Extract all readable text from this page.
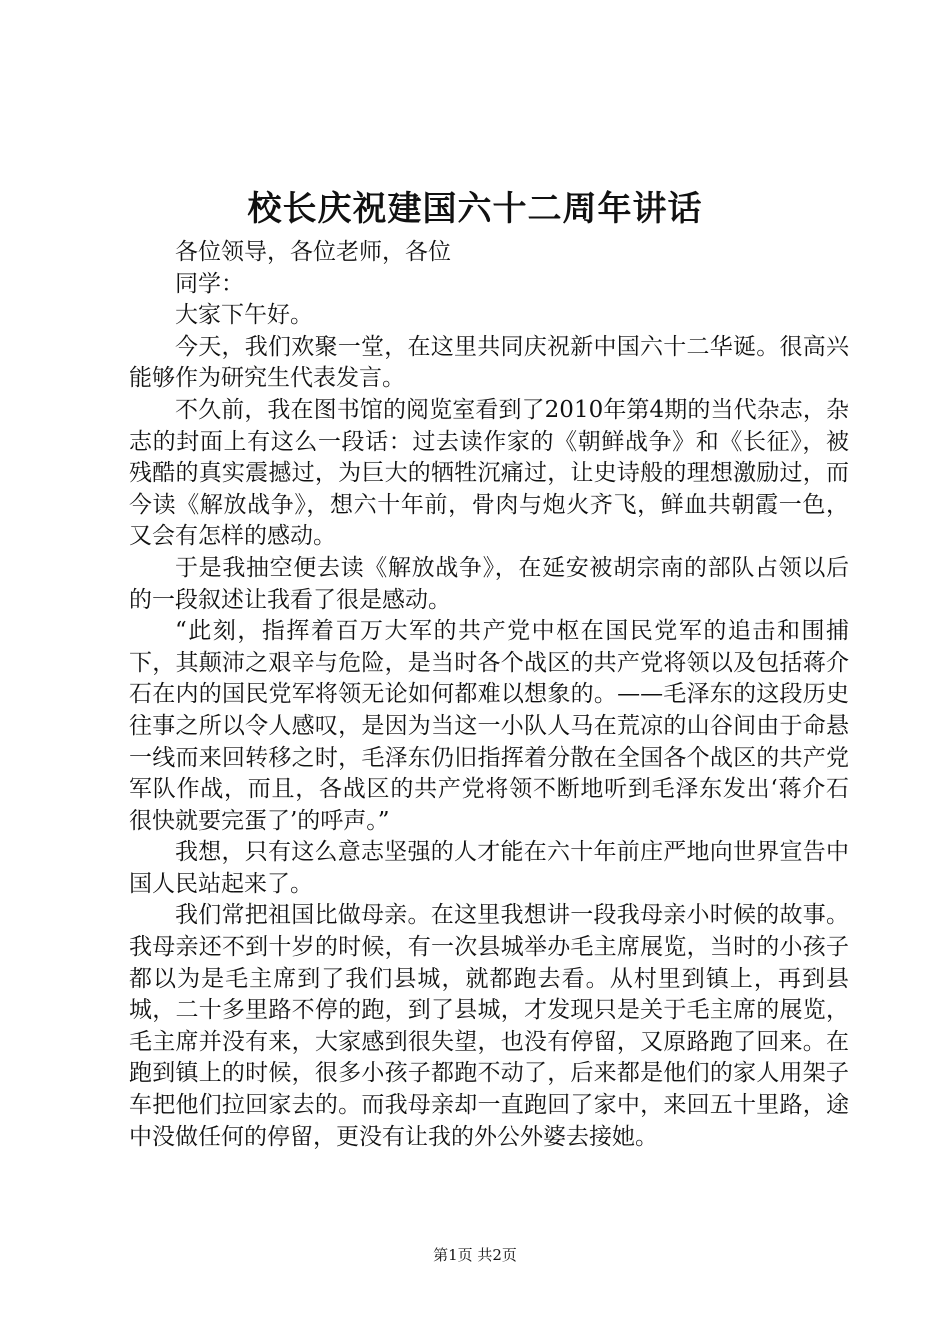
校长庆祝建国六十二周年讲话

各位领导，各位老师，各位

同学：

大家下午好。

今天，我们欢聚一堂，在这里共同庆祝新中国六十二华诞。很高兴能够作为研究生代表发言。

不久前，我在图书馆的阅览室看到了2010年第4期的当代杂志，杂志的封面上有这么一段话：过去读作家的《朝鲜战争》和《长征》，被残酷的真实震撼过，为巨大的牺牲沉痛过，让史诗般的理想激励过，而今读《解放战争》，想六十年前，骨肉与炮火齐飞，鲜血共朝霞一色，又会有怎样的感动。

于是我抽空便去读《解放战争》，在延安被胡宗南的部队占领以后的一段叙述让我看了很是感动。

“此刻，指挥着百万大军的共产党中枢在国民党军的追击和围捕下，其颠沛之艰辛与危险，是当时各个战区的共产党将领以及包括蒋介石在内的国民党军将领无论如何都难以想象的。——毛泽东的这段历史往事之所以令人感叹，是因为当这一小队人马在荒凉的山谷间由于命悬一线而来回转移之时，毛泽东仍旧指挥着分散在全国各个战区的共产党军队作战，而且，各战区的共产党将领不断地听到毛泽东发出‘蒋介石很快就要完蛋了’的呼声。”

我想，只有这么意志坚强的人才能在六十年前庄严地向世界宣告中国人民站起来了。

我们常把祖国比做母亲。在这里我想讲一段我母亲小时候的故事。我母亲还不到十岁的时候，有一次县城举办毛主席展览，当时的小孩子都以为是毛主席到了我们县城，就都跑去看。从村里到镇上，再到县城，二十多里路不停的跑，到了县城，才发现只是关于毛主席的展览，毛主席并没有来，大家感到很失望，也没有停留，又原路跑了回来。在跑到镇上的时候，很多小孩子都跑不动了，后来都是他们的家人用架子车把他们拉回家去的。而我母亲却一直跑回了家中，来回五十里路，途中没做任何的停留，更没有让我的外公外婆去接她。

第1页 共2页
